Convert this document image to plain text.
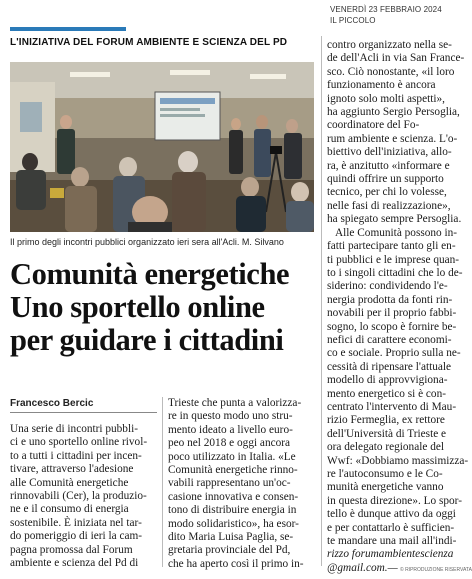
VENERDÌ 23 FEBBRAIO 2024
IL PICCOLO
L'INIZIATIVA DEL FORUM AMBIENTE E SCIENZA DEL PD
Il primo degli incontri pubblici organizzato ieri sera all'Acli. M. Silvano
Comunità energetiche
Uno sportello online
per guidare i cittadini
Francesco Bercic
Una serie di incontri pubbli-
ci e uno sportello online rivol-
to a tutti i cittadini per incen-
tivare, attraverso l'adesione
alle Comunità energetiche
rinnovabili (Cer), la produzio-
ne e il consumo di energia
sostenibile. È iniziata nel tar-
do pomeriggio di ieri la cam-
pagna promossa dal Forum
ambiente e scienza del Pd di
Trieste che punta a valorizza-
re in questo modo uno stru-
mento ideato a livello euro-
peo nel 2018 e oggi ancora
poco utilizzato in Italia. «Le
Comunità energetiche rinno-
vabili rappresentano un'oc-
casione innovativa e consen-
tono di distribuire energia in
modo solidaristico», ha esor-
dito Maria Luisa Paglia, se-
gretaria provinciale del Pd,
che ha aperto così il primo in-
contro organizzato nella se-
de dell'Acli in via San France-
sco. Ciò nonostante, «il loro
funzionamento è ancora
ignoto solo molti aspetti»,
ha aggiunto Sergio Persoglia,
coordinatore del Fo-
rum ambiente e scienza. L'o-
biettivo dell'iniziativa, allo-
ra, è anzitutto «informare e
quindi offrire un supporto
tecnico, per chi lo volesse,
nelle fasi di realizzazione»,
ha spiegato sempre Persoglia.
Alle Comunità possono in-
fatti partecipare tanto gli en-
ti pubblici e le imprese quan-
to i singoli cittadini che lo de-
siderino: condividendo l'e-
nergia prodotta da fonti rin-
novabili per il proprio fabbi-
sogno, lo scopo è fornire be-
nefici di carattere economi-
co e sociale. Proprio sulla ne-
cessità di ripensare l'attuale
modello di approvvigiona-
mento energetico si è con-
centrato l'intervento di Mau-
rizio Fermeglia, ex rettore
dell'Università di Trieste e
ora delegato regionale del
Wwf: «Dobbiamo massimizza-
re l'autoconsumo e le Co-
munità energetiche vanno
in questa direzione». Lo spor-
tello è dunque attivo da oggi
e per contattarlo è sufficien-
te mandare una mail all'indi-
rizzo forumambientescienza
@gmail.com.— © RIPRODUZIONE RISERVATA
